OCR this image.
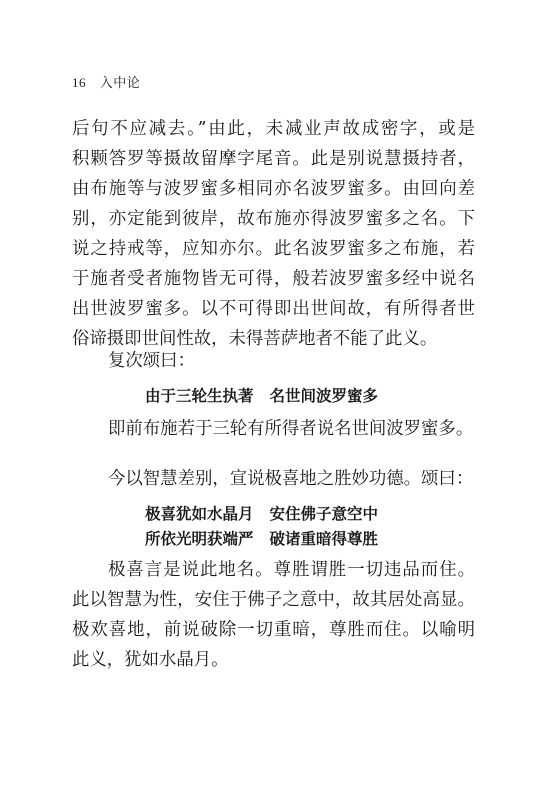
16 入中论
后句不应减去。”由此，未减业声故成密字，或是
积颗答罗等摄故留摩字尾音。此是别说慧摄持者，
由布施等与波罗蜜多相同亦名波罗蜜多。由回向差
别，亦定能到彼岸，故布施亦得波罗蜜多之名。下
说之持戒等，应知亦尔。此名波罗蜜多之布施，若
于施者受者施物皆无可得，般若波罗蜜多经中说名
出世波罗蜜多。以不可得即出世间故，有所得者世
俗谛摄即世间性故，未得菩萨地者不能了此义。
复次颂曰：
由于三轮生执著 名世间波罗蜜多
即前布施若于三轮有所得者说名世间波罗蜜多。
今以智慧差别，宣说极喜地之胜妙功德。颂曰：
极喜犹如水晶月 安住佛子意空中
所依光明获端严 破诸重暗得尊胜
极喜言是说此地名。尊胜谓胜一切违品而住。
此以智慧为性，安住于佛子之意中，故其居处高显。
极欢喜地，前说破除一切重暗，尊胜而住。以喻明
此义，犹如水晶月。
